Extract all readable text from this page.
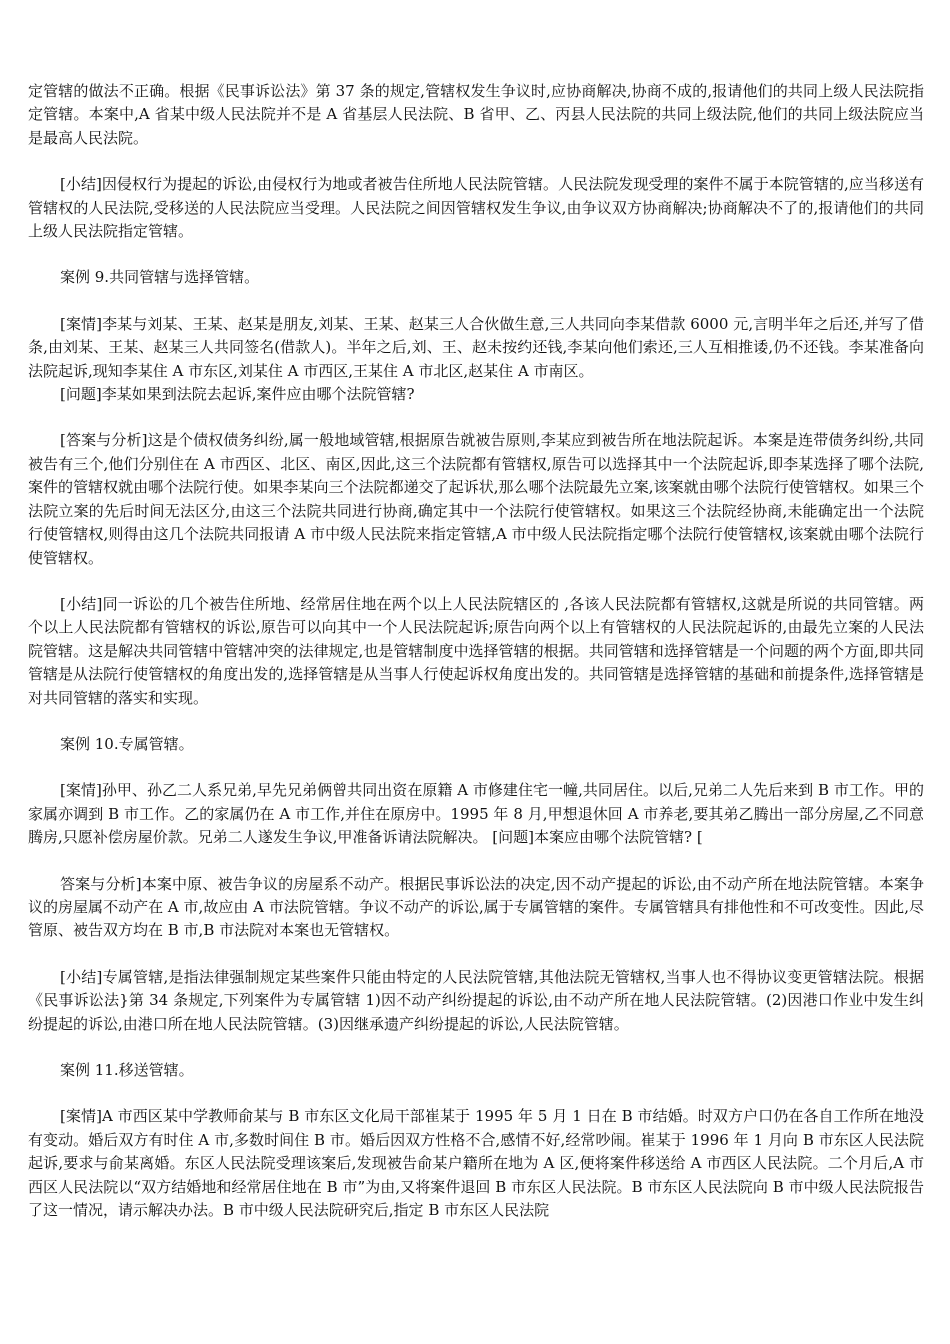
定管辖的做法不正确。根据《民事诉讼法》第 37 条的规定,管辖权发生争议时,应协商解决,协商不成的,报请他们的共同上级人民法院指定管辖。本案中,A 省某中级人民法院并不是 A 省基层人民法院、B 省甲、乙、丙县人民法院的共同上级法院,他们的共同上级法院应当是最高人民法院。

[小结]因侵权行为提起的诉讼,由侵权行为地或者被告住所地人民法院管辖。人民法院发现受理的案件不属于本院管辖的,应当移送有管辖权的人民法院,受移送的人民法院应当受理。人民法院之间因管辖权发生争议,由争议双方协商解决;协商解决不了的,报请他们的共同上级人民法院指定管辖。

案例 9.共同管辖与选择管辖。

[案情]李某与刘某、王某、赵某是朋友,刘某、王某、赵某三人合伙做生意,三人共同向李某借款 6000 元,言明半年之后还,并写了借条,由刘某、王某、赵某三人共同签名(借款人)。半年之后,刘、王、赵未按约还钱,李某向他们索还,三人互相推诿,仍不还钱。李某准备向法院起诉,现知李某住 A 市东区,刘某住 A 市西区,王某住 A 市北区,赵某住 A 市南区。

[问题]李某如果到法院去起诉,案件应由哪个法院管辖?

[答案与分析]这是个债权债务纠纷,属一般地域管辖,根据原告就被告原则,李某应到被告所在地法院起诉。本案是连带债务纠纷,共同被告有三个,他们分别住在 A 市西区、北区、南区,因此,这三个法院都有管辖权,原告可以选择其中一个法院起诉,即李某选择了哪个法院,案件的管辖权就由哪个法院行使。如果李某向三个法院都递交了起诉状,那么哪个法院最先立案,该案就由哪个法院行使管辖权。如果三个法院立案的先后时间无法区分,由这三个法院共同进行协商,确定其中一个法院行使管辖权。如果这三个法院经协商,未能确定出一个法院行使管辖权,则得由这几个法院共同报请 A 市中级人民法院来指定管辖,A 市中级人民法院指定哪个法院行使管辖权,该案就由哪个法院行使管辖权。

[小结]同一诉讼的几个被告住所地、经常居住地在两个以上人民法院辖区的 ,各该人民法院都有管辖权,这就是所说的共同管辖。两个以上人民法院都有管辖权的诉讼,原告可以向其中一个人民法院起诉;原告向两个以上有管辖权的人民法院起诉的,由最先立案的人民法院管辖。这是解决共同管辖中管辖冲突的法律规定,也是管辖制度中选择管辖的根据。共同管辖和选择管辖是一个问题的两个方面,即共同管辖是从法院行使管辖权的角度出发的,选择管辖是从当事人行使起诉权角度出发的。共同管辖是选择管辖的基础和前提条件,选择管辖是对共同管辖的落实和实现。

案例 10.专属管辖。

[案情]孙甲、孙乙二人系兄弟,早先兄弟俩曾共同出资在原籍 A 市修建住宅一幢,共同居住。以后,兄弟二人先后来到 B 市工作。甲的家属亦调到 B 市工作。乙的家属仍在 A 市工作,并住在原房中。1995 年 8 月,甲想退休回 A 市养老,要其弟乙腾出一部分房屋,乙不同意腾房,只愿补偿房屋价款。兄弟二人遂发生争议,甲准备诉请法院解决。 [问题]本案应由哪个法院管辖? [

答案与分析]本案中原、被告争议的房屋系不动产。根据民事诉讼法的决定,因不动产提起的诉讼,由不动产所在地法院管辖。本案争议的房屋属不动产在 A 市,故应由 A 市法院管辖。争议不动产的诉讼,属于专属管辖的案件。专属管辖具有排他性和不可改变性。因此,尽管原、被告双方均在 B 市,B 市法院对本案也无管辖权。

[小结]专属管辖,是指法律强制规定某些案件只能由特定的人民法院管辖,其他法院无管辖权,当事人也不得协议变更管辖法院。根据《民事诉讼法}第 34 条规定,下列案件为专属管辖 1)因不动产纠纷提起的诉讼,由不动产所在地人民法院管辖。(2)因港口作业中发生纠纷提起的诉讼,由港口所在地人民法院管辖。(3)因继承遗产纠纷提起的诉讼,人民法院管辖。

案例 11.移送管辖。

[案情]A 市西区某中学教师俞某与 B 市东区文化局干部崔某于 1995 年 5 月 1 日在 B 市结婚。时双方户口仍在各自工作所在地没有变动。婚后双方有时住 A 市,多数时间住 B 市。婚后因双方性格不合,感情不好,经常吵闹。崔某于 1996 年 1 月向 B 市东区人民法院起诉,要求与俞某离婚。东区人民法院受理该案后,发现被告俞某户籍所在地为 A 区,便将案件移送给 A 市西区人民法院。二个月后,A 市西区人民法院以“双方结婚地和经常居住地在 B 市”为由,又将案件退回 B 市东区人民法院。B 市东区人民法院向 B 市中级人民法院报告了这一情况，请示解决办法。B 市中级人民法院研究后,指定 B 市东区人民法院
